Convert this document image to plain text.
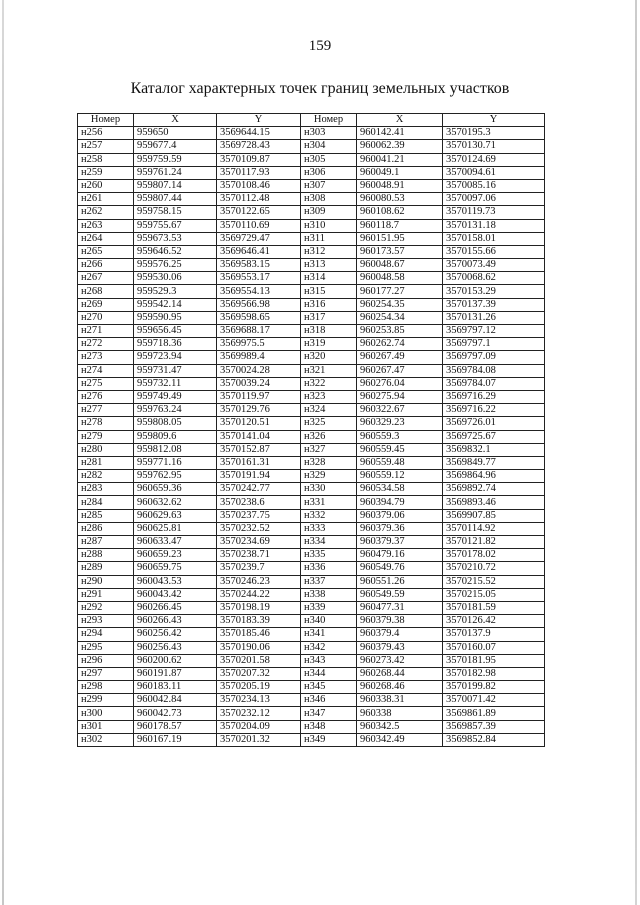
159
Каталог характерных точек границ земельных участков
Номер	X	Y	Номер	X	Y
н256	959650	3569644.15	н303	960142.41	3570195.3
н257	959677.4	3569728.43	н304	960062.39	3570130.71
н258	959759.59	3570109.87	н305	960041.21	3570124.69
н259	959761.24	3570117.93	н306	960049.1	3570094.61
н260	959807.14	3570108.46	н307	960048.91	3570085.16
н261	959807.44	3570112.48	н308	960080.53	3570097.06
н262	959758.15	3570122.65	н309	960108.62	3570119.73
н263	959755.67	3570110.69	н310	960118.7	3570131.18
н264	959673.53	3569729.47	н311	960151.95	3570158.01
н265	959646.52	3569646.41	н312	960173.57	3570155.66
н266	959576.25	3569583.15	н313	960048.67	3570073.49
н267	959530.06	3569553.17	н314	960048.58	3570068.62
н268	959529.3	3569554.13	н315	960177.27	3570153.29
н269	959542.14	3569566.98	н316	960254.35	3570137.39
н270	959590.95	3569598.65	н317	960254.34	3570131.26
н271	959656.45	3569688.17	н318	960253.85	3569797.12
н272	959718.36	3569975.5	н319	960262.74	3569797.1
н273	959723.94	3569989.4	н320	960267.49	3569797.09
н274	959731.47	3570024.28	н321	960267.47	3569784.08
н275	959732.11	3570039.24	н322	960276.04	3569784.07
н276	959749.49	3570119.97	н323	960275.94	3569716.29
н277	959763.24	3570129.76	н324	960322.67	3569716.22
н278	959808.05	3570120.51	н325	960329.23	3569726.01
н279	959809.6	3570141.04	н326	960559.3	3569725.67
н280	959812.08	3570152.87	н327	960559.45	3569832.1
н281	959771.16	3570161.31	н328	960559.48	3569849.77
н282	959762.95	3570191.94	н329	960559.12	3569864.96
н283	960659.36	3570242.77	н330	960534.58	3569892.74
н284	960632.62	3570238.6	н331	960394.79	3569893.46
н285	960629.63	3570237.75	н332	960379.06	3569907.85
н286	960625.81	3570232.52	н333	960379.36	3570114.92
н287	960633.47	3570234.69	н334	960379.37	3570121.82
н288	960659.23	3570238.71	н335	960479.16	3570178.02
н289	960659.75	3570239.7	н336	960549.76	3570210.72
н290	960043.53	3570246.23	н337	960551.26	3570215.52
н291	960043.42	3570244.22	н338	960549.59	3570215.05
н292	960266.45	3570198.19	н339	960477.31	3570181.59
н293	960266.43	3570183.39	н340	960379.38	3570126.42
н294	960256.42	3570185.46	н341	960379.4	3570137.9
н295	960256.43	3570190.06	н342	960379.43	3570160.07
н296	960200.62	3570201.58	н343	960273.42	3570181.95
н297	960191.87	3570207.32	н344	960268.44	3570182.98
н298	960183.11	3570205.19	н345	960268.46	3570199.82
н299	960042.84	3570234.13	н346	960338.31	3570071.42
н300	960042.73	3570232.12	н347	960338	3569861.89
н301	960178.57	3570204.09	н348	960342.5	3569857.39
н302	960167.19	3570201.32	н349	960342.49	3569852.84
